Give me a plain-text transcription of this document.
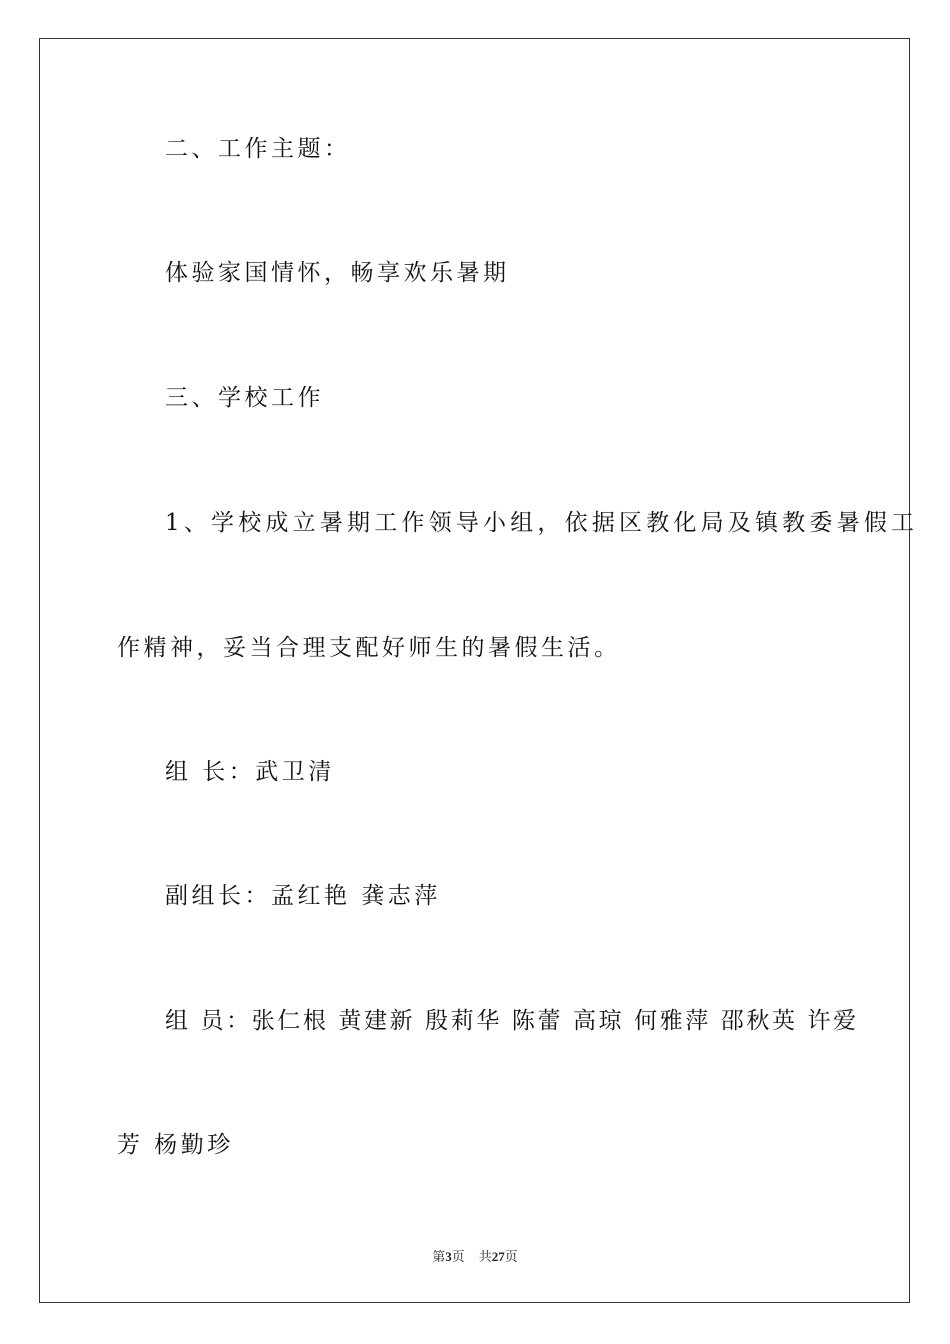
二、工作主题：
体验家国情怀，畅享欢乐暑期
三、学校工作
1、学校成立暑期工作领导小组，依据区教化局及镇教委暑假工
作精神，妥当合理支配好师生的暑假生活。
组 长：武卫清
副组长：孟红艳 龚志萍
组 员：张仁根 黄建新 殷莉华 陈蕾 高琼 何雅萍 邵秋英 许爱
芳 杨勤珍
第3页 共27页
